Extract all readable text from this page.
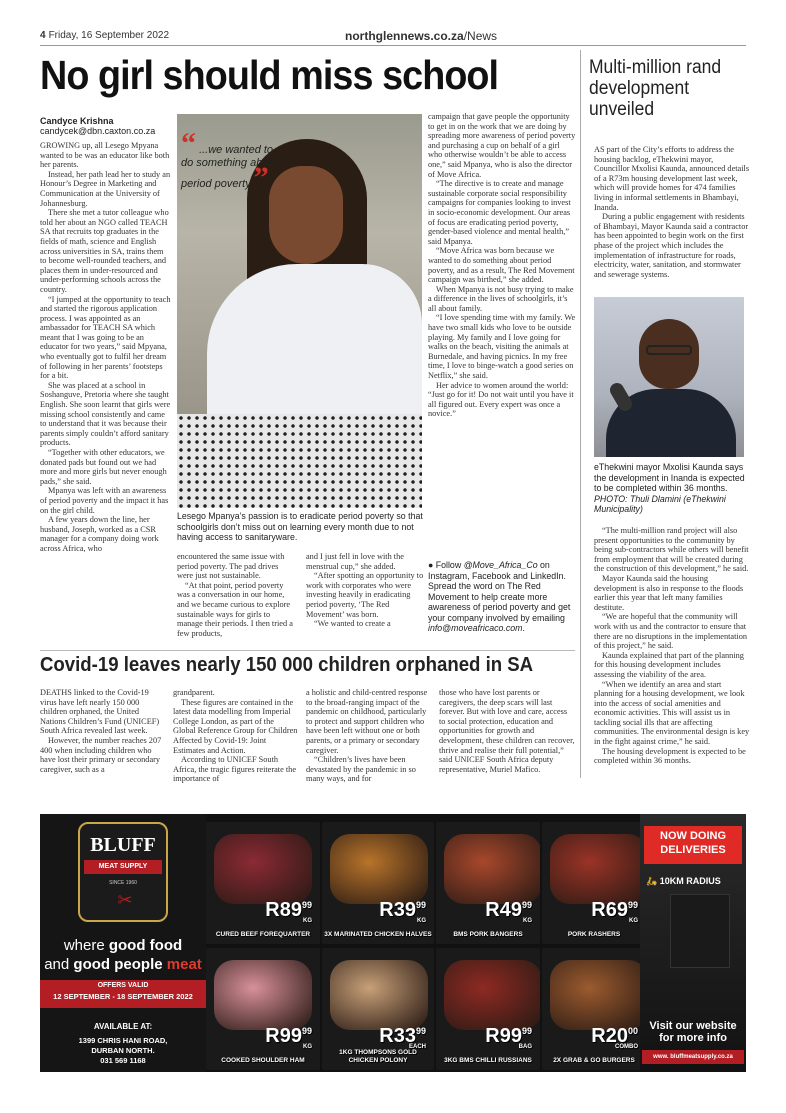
4 Friday, 16 September 2022	northglennews.co.za/News
No girl should miss school
Candyce Krishna
candycek@dbn.caxton.co.za

GROWING up, all Lesego Mpyana wanted to be was an educator like both her parents.

Instead, her path lead her to study an Honour’s Degree in Marketing and Communication at the University of Johannesburg.

There she met a tutor colleague who told her about an NGO called TEACH SA that recruits top graduates in the fields of math, science and English across universities in SA, trains them to become well-rounded teachers, and places them in under-resourced and under-performing schools across the country.

“I jumped at the opportunity to teach and started the rigorous application process. I was appointed as an ambassador for TEACH SA which meant that I was going to be an educator for two years,” said Mpyana, who eventually got to fulfil her dream of following in her parents’ footsteps for a bit.

She was placed at a school in Soshanguve, Pretoria where she taught English. She soon learnt that girls were missing school consistently and came to understand that it was because their parents simply couldn’t afford sanitary products.

“Together with other educators, we donated pads but found out we had more and more girls but never enough pads,” she said.

Mpanya was left with an awareness of period poverty and the impact it has on the girl child.

A few years down the line, her husband, Joseph, worked as a CSR manager for a company doing work across Africa, who

“ ...we wanted to do something about period poverty ”
Lesego Mpanya’s passion is to eradicate period poverty so that schoolgirls don’t miss out on learning every month due to not having access to sanitaryware.

encountered the same issue with period poverty. The pad drives were just not sustainable.

“At that point, period poverty was a conversation in our home, and we became curious to explore sustainable ways for girls to manage their periods. I then tried a few products,

and I just fell in love with the menstrual cup,” she added.

“After spotting an opportunity to work with corporates who were investing heavily in eradicating period poverty, ‘The Red Movement’ was born.

“We wanted to create a

campaign that gave people the opportunity to get in on the work that we are doing by spreading more awareness of period poverty and purchasing a cup on behalf of a girl who otherwise wouldn’t be able to access one,” said Mpanya, who is also the director of Move Africa.

“The directive is to create and manage sustainable corporate social responsibility campaigns for companies looking to invest in socio-economic development. Our areas of focus are eradicating period poverty, gender-based violence and mental health,” said Mpanya.

“Move Africa was born because we wanted to do something about period poverty, and as a result, The Red Movement campaign was birthed,” she added.

When Mpanya is not busy trying to make a difference in the lives of schoolgirls, it’s all about family.

“I love spending time with my family. We have two small kids who love to be outside playing. My family and I love going for walks on the beach, visiting the animals at Burnedale, and having picnics. In my free time, I love to binge-watch a good series on Netflix,” she said.

Her advice to women around the world: “Just go for it! Do not wait until you have it all figured out. Every expert was once a novice.”

● Follow @Move_Africa_Co on Instagram, Facebook and LinkedIn. Spread the word on The Red Movement to help create more awareness of period poverty and get your company involved by emailing info@moveafricaco.com.
Multi-million rand development unveiled

AS part of the City’s efforts to address the housing backlog, eThekwini mayor, Councillor Mxolisi Kaunda, announced details of a R73m housing development last week, which will provide homes for 474 families living in informal settlements in Bhambayi, Inanda.

During a public engagement with residents of Bhambayi, Mayor Kaunda said a contractor has been appointed to begin work on the first phase of the project which includes the implementation of infrastructure for roads, electricity, water, sanitation, and stormwater and sewerage systems.

eThekwini mayor Mxolisi Kaunda says the development in Inanda is expected to be completed within 36 months. PHOTO: Thuli Dlamini (eThekwini Municipality)

“The multi-million rand project will also present opportunities to the community by being sub-contractors while others will benefit from employment that will be created during the construction of this development,” he said.

Mayor Kaunda said the housing development is also in response to the floods earlier this year that left many families destitute.

“We are hopeful that the community will work with us and the contractor to ensure that there are no disruptions in the implementation of this project,” he said.

Kaunda explained that part of the planning for this housing development includes assessing the viability of the area.

“When we identify an area and start planning for a housing development, we look into the access of social amenities and economic activities. This will assist us in tackling social ills that are affecting communities. The environmental design is key in the fight against crime,” he said.

The housing development is expected to be completed within 36 months.

Covid-19 leaves nearly 150 000 children orphaned in SA

DEATHS linked to the Covid-19 virus have left nearly 150 000 children orphaned, the United Nations Children’s Fund (UNICEF) South Africa revealed last week.

However, the number reaches 207 400 when including children who have lost their primary or secondary caregiver, such as a

grandparent.

These figures are contained in the latest data modelling from Imperial College London, as part of the Global Reference Group for Children Affected by Covid-19: Joint Estimates and Action.

According to UNICEF South Africa, the tragic figures reiterate the importance of

a holistic and child-centred response to the broad-ranging impact of the pandemic on childhood, particularly to protect and support children who have been left without one or both parents, or a primary or secondary caregiver.

“Children’s lives have been devastated by the pandemic in so many ways, and for

those who have lost parents or caregivers, the deep scars will last forever. But with love and care, access to social protection, education and opportunities for growth and development, these children can recover, thrive and realise their full potential,” said UNICEF South Africa deputy representative, Muriel Mafico.

BLUFF
MEAT SUPPLY
SINCE 1960
✂
where good food
and good people meat
OFFERS VALID
12 SEPTEMBER - 18 SEPTEMBER 2022
AVAILABLE AT:
1399 CHRIS HANI ROAD,
DURBAN NORTH.
031 569 1168
$R89^{99}$
KG
CURED BEEF FOREQUARTER
$R39^{99}$
KG
3X MARINATED CHICKEN HALVES
$R49^{99}$
KG
BMS PORK BANGERS
$R69^{99}$
KG
PORK RASHERS
$R99^{99}$
KG
COOKED SHOULDER HAM
$R33^{99}$
EACH
1KG THOMPSONS GOLD CHICKEN POLONY
$R99^{99}$
BAG
3KG BMS CHILLI RUSSIANS
$R20^{00}$
COMBO
2X GRAB & GO BURGERS
NOW DOING DELIVERIES
🛵 10KM RADIUS
Visit our website for more info
www. bluffmeatsupply.co.za
